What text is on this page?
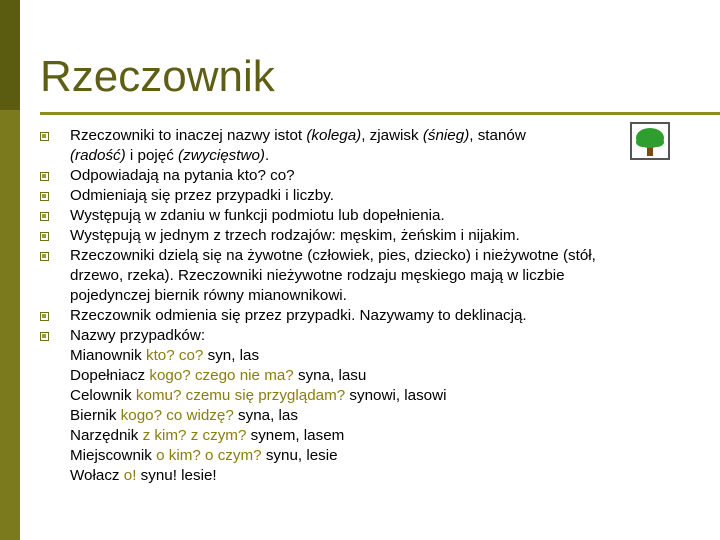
Rzeczownik
Rzeczowniki to inaczej nazwy istot (kolega), zjawisk (śnieg), stanów
(radość) i pojęć (zwycięstwo).
Odpowiadają na pytania kto? co?
Odmieniają się przez przypadki i liczby.
Występują w zdaniu w funkcji podmiotu lub dopełnienia.
Występują w jednym z trzech rodzajów: męskim, żeńskim i nijakim.
Rzeczowniki dzielą się na żywotne (człowiek, pies, dziecko) i nieżywotne (stół, drzewo, rzeka). Rzeczowniki nieżywotne rodzaju męskiego mają w liczbie pojedynczej biernik równy mianownikowi.
Rzeczownik odmienia się przez przypadki. Nazywamy to deklinacją.
Nazwy przypadków:
Mianownik kto? co? syn, las
Dopełniacz kogo? czego nie ma? syna, lasu
Celownik komu? czemu się przyglądam? synowi, lasowi
Biernik kogo? co widzę? syna, las
Narzędnik z kim? z czym? synem, lasem
Miejscownik o kim? o czym? synu, lesie
Wołacz o! synu! lesie!
